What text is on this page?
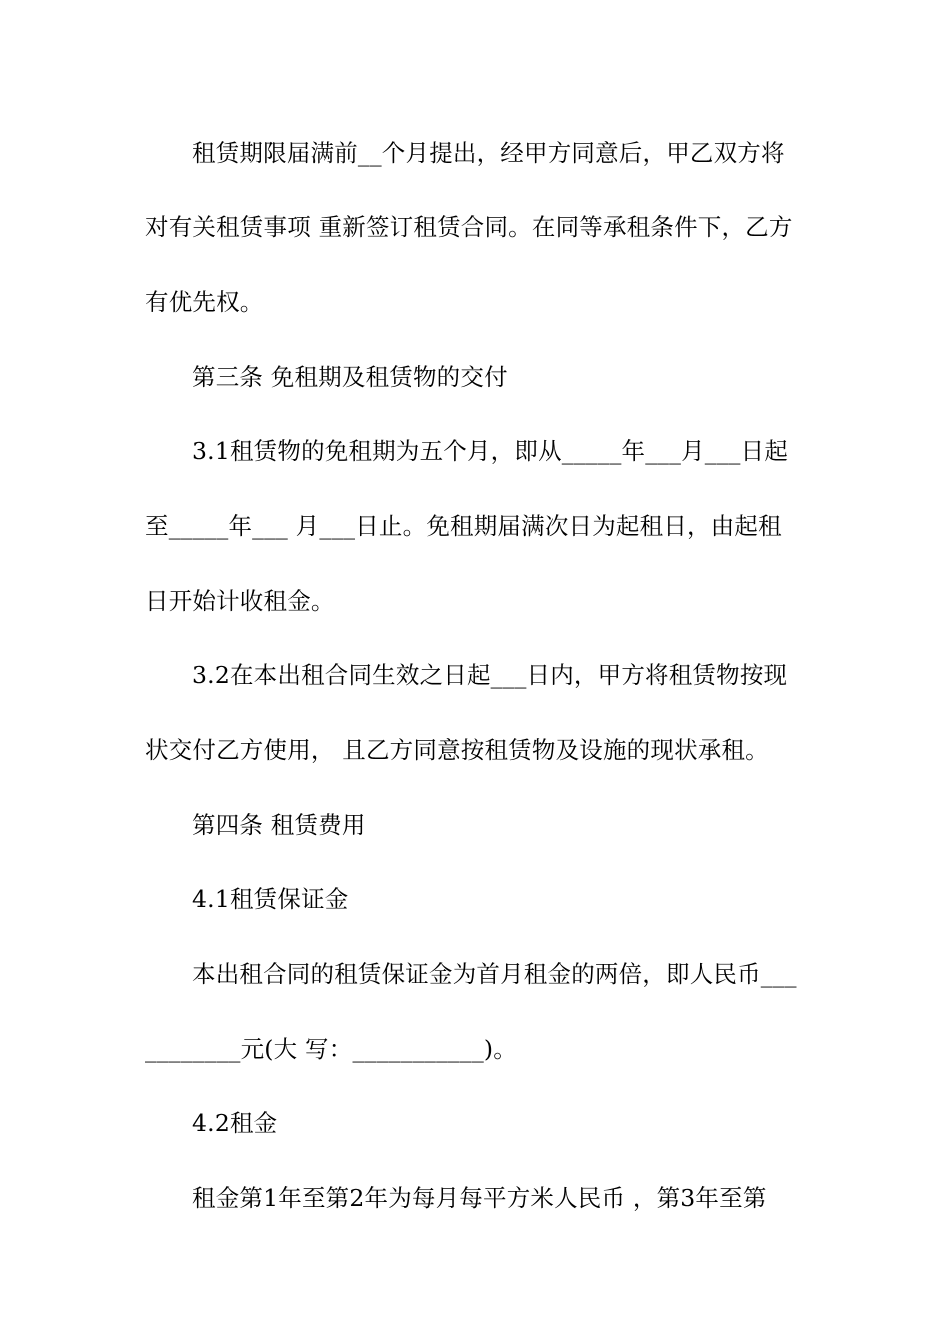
租赁期限届满前__个月提出，经甲方同意后，甲乙双方将
对有关租赁事项 重新签订租赁合同。在同等承租条件下，乙方
有优先权。
第三条 免租期及租赁物的交付
3.1租赁物的免租期为五个月，即从_____年___月___日起
至_____年___ 月___日止。免租期届满次日为起租日，由起租
日开始计收租金。
3.2在本出租合同生效之日起___日内，甲方将租赁物按现
状交付乙方使用， 且乙方同意按租赁物及设施的现状承租。
第四条 租赁费用
4.1租赁保证金
本出租合同的租赁保证金为首月租金的两倍，即人民币___
________元(大 写：___________)。
4.2租金
租金第1年至第2年为每月每平方米人民币 ，第3年至第
